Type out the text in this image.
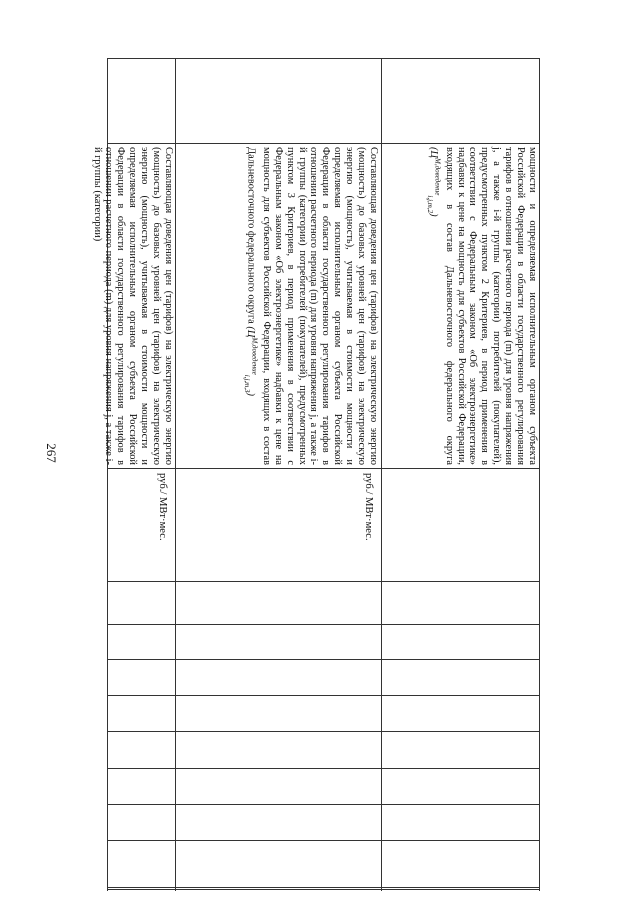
267	мощности и определяемая исполнительным органом субъекта Российской Федерации в области государственного регулирования тарифов в отношении расчетного периода (m) для уровня напряжения j, а также i-й группы (категории) потребителей (покупателей), предусмотренных пунктом 2 Критериев, в период применения в соответствии с Федеральным законом «Об электроэнергетике» надбавки к цене на мощность для субъектов Российской Федерации, входящих в состав Дальневосточного федерального округа $(Ц^{M,доведение}_{i,j,m,2})$
Составляющая доведения цен (тарифов) на электрическую энергию (мощность) до базовых уровней цен (тарифов) на электрическую энергию (мощность), учитываемая в стоимости мощности и определяемая исполнительным органом субъекта Российской Федерации в области государственного регулирования тарифов в отношении расчетного периода (m) для уровня напряжения j, а также i-й группы (категории) потребителей (покупателей), предусмотренных пунктом 3 Критериев, в период применения в соответствии с Федеральным законом «Об электроэнергетике» надбавки к цене на мощность для субъектов Российской Федерации, входящих в состав Дальневосточного федерального округа $(Ц^{M,доведение}_{i,j,m,3})$
руб./ МВт·мес.
Составляющая доведения цен (тарифов) на электрическую энергию (мощность) до базовых уровней цен (тарифов) на электрическую энергию (мощность), учитываемая в стоимости мощности и определяемая исполнительным органом субъекта Российской Федерации в области государственного регулирования тарифов в отношении расчетного периода (m) для уровня напряжения j, а также i-й группы (категории)
руб./ МВт·мес.
